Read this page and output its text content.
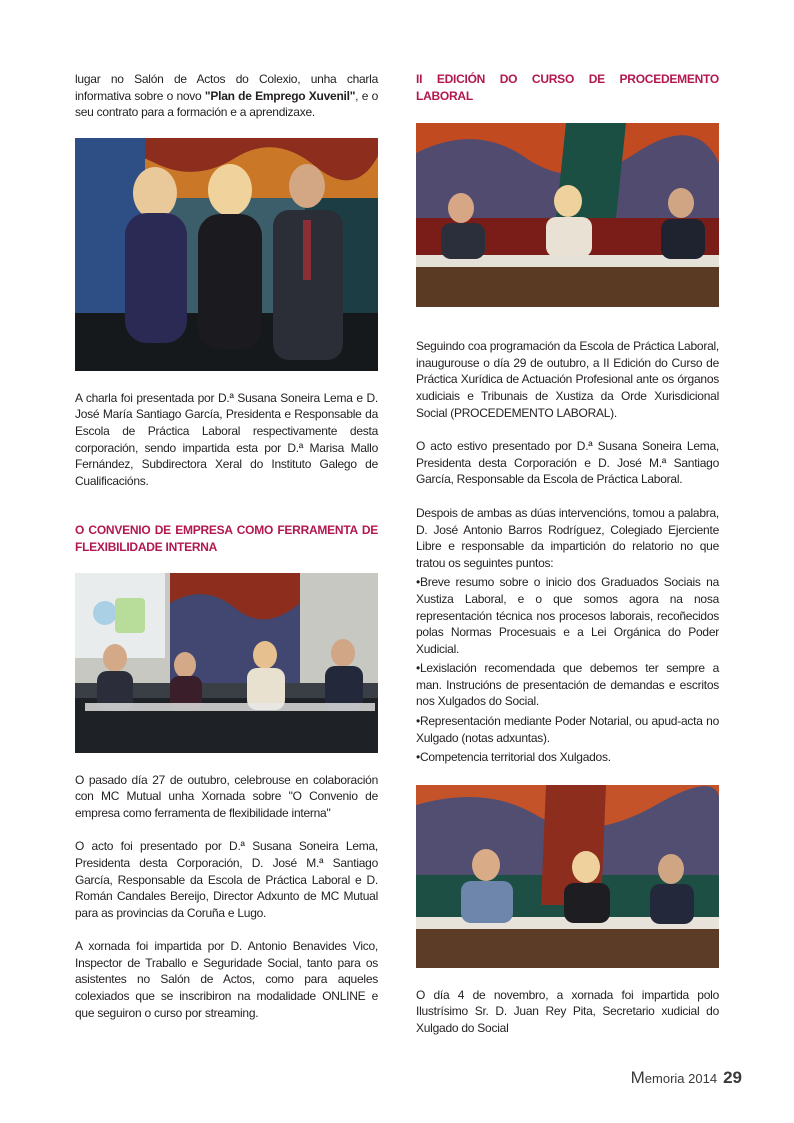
lugar no Salón de Actos do Colexio, unha charla informativa sobre o novo "Plan de Emprego Xuvenil", e o seu contrato para a formación e a aprendizaxe.

A charla foi presentada por D.ª Susana Soneira Lema e D. José María Santiago García, Presidenta e Responsable da Escola de Práctica Laboral respectivamente desta corporación, sendo impartida esta por D.ª Marisa Mallo Fernández, Subdirectora Xeral do Instituto Galego de Cualificacións.

O CONVENIO DE EMPRESA COMO FERRAMENTA DE FLEXIBILIDADE INTERNA

O pasado día 27 de outubro, celebrouse en colaboración con MC Mutual unha Xornada sobre "O Convenio de empresa como ferramenta de flexibilidade interna"

O acto foi presentado por D.ª Susana Soneira Lema, Presidenta desta Corporación, D. José M.ª Santiago García, Responsable da Escola de Práctica Laboral e D. Román Candales Bereijo, Director Adxunto de MC Mutual para as provincias da Coruña e Lugo.

A xornada foi impartida por D. Antonio Benavides Vico, Inspector de Traballo e Seguridade Social, tanto para os asistentes no Salón de Actos, como para aqueles colexiados que se inscribiron na modalidade ONLINE e que seguiron o curso por streaming.

II EDICIÓN DO CURSO DE PROCEDEMENTO LABORAL

Seguindo coa programación da Escola de Práctica Laboral, inaugurouse o día 29 de outubro, a II Edición do Curso de Práctica Xurídica de Actuación Profesional ante os órganos xudiciais e Tribunais de Xustiza da Orde Xurisdicional Social (PROCEDEMENTO LABORAL).

O acto estivo presentado por D.ª Susana Soneira Lema, Presidenta desta Corporación e D. José M.ª Santiago García, Responsable da Escola de Práctica Laboral.

Despois de ambas as dúas intervencións, tomou a palabra, D. José Antonio Barros Rodríguez, Colegiado Ejerciente Libre e responsable da impartición do relatorio no que tratou os seguintes puntos:

•Breve resumo sobre o inicio dos Graduados Sociais na Xustiza Laboral, e o que somos agora na nosa representación técnica nos procesos laborais, recoñecidos polas Normas Procesuais e a Lei Orgánica do Poder Xudicial.

•Lexislación recomendada que debemos ter sempre a man. Instrucións de presentación de demandas e escritos nos Xulgados do Social.

•Representación mediante Poder Notarial, ou apud-acta no Xulgado (notas adxuntas).

•Competencia territorial dos Xulgados.

O día 4 de novembro, a xornada foi impartida polo Ilustrísimo Sr. D. Juan Rey Pita, Secretario xudicial do Xulgado do Social

Memoria 2014 29
